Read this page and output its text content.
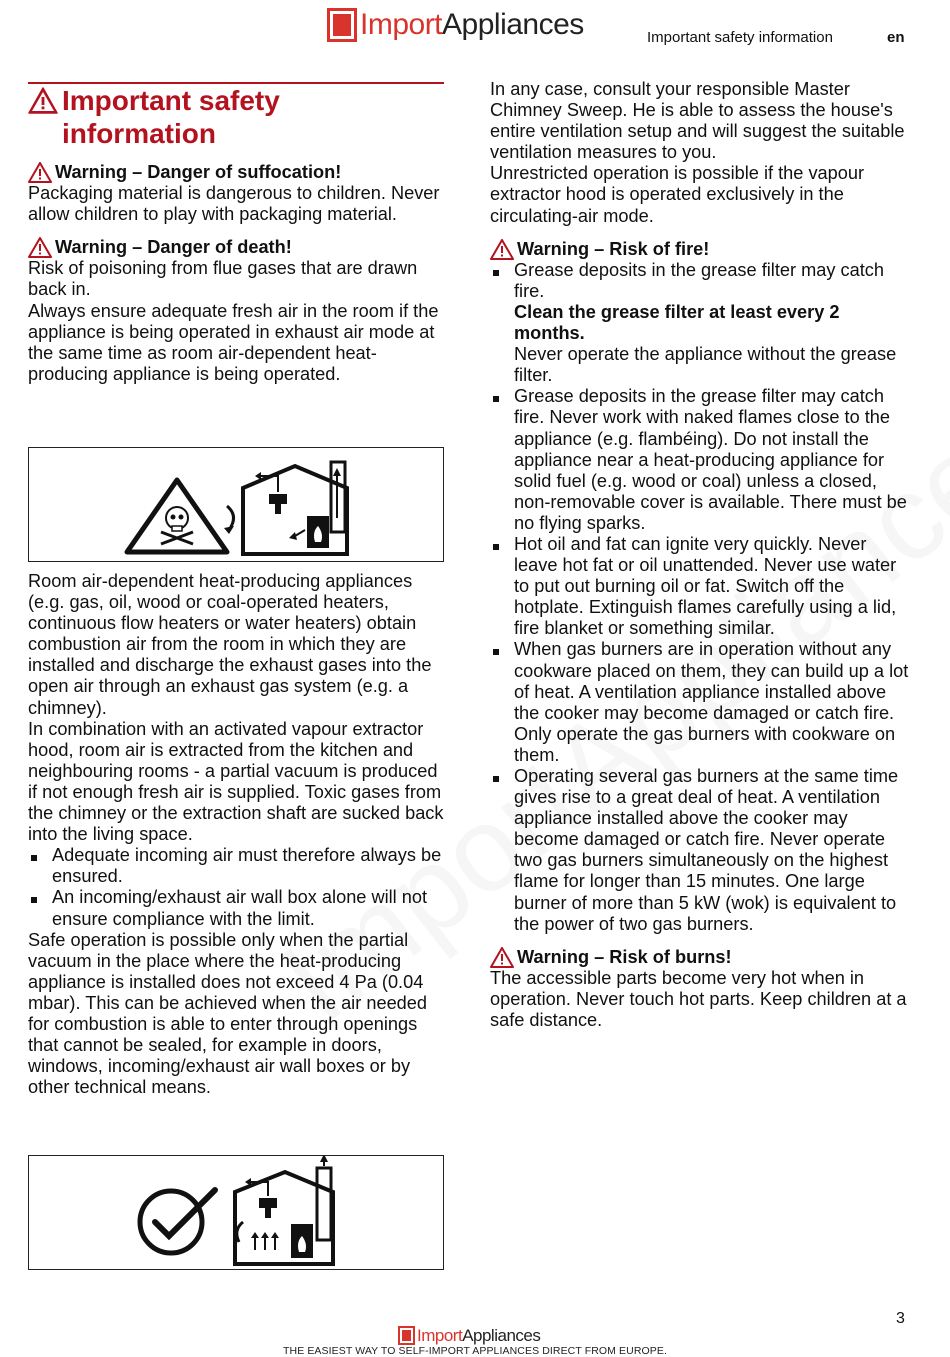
ImportAppliances	Important safety information	en
Important safety
information
Warning – Danger of suffocation!

Packaging material is dangerous to children. Never allow children to play with packaging material.

Warning – Danger of death!

Risk of poisoning from flue gases that are drawn back in.

Always ensure adequate fresh air in the room if the appliance is being operated in exhaust air mode at the same time as room air-dependent heat-producing appliance is being operated.

Room air-dependent heat-producing appliances (e.g. gas, oil, wood or coal-operated heaters, continuous flow heaters or water heaters) obtain combustion air from the room in which they are installed and discharge the exhaust gases into the open air through an exhaust gas system (e.g. a chimney).

In combination with an activated vapour extractor hood, room air is extracted from the kitchen and neighbouring rooms - a partial vacuum is produced if not enough fresh air is supplied. Toxic gases from the chimney or the extraction shaft are sucked back into the living space.

Adequate incoming air must therefore always be ensured.
An incoming/exhaust air wall box alone will not ensure compliance with the limit.

Safe operation is possible only when the partial vacuum in the place where the heat-producing appliance is installed does not exceed 4 Pa (0.04 mbar). This can be achieved when the air needed for combustion is able to enter through openings that cannot be sealed, for example in doors, windows, incoming/exhaust air wall boxes or by other technical means.

In any case, consult your responsible Master Chimney Sweep. He is able to assess the house's entire ventilation setup and will suggest the suitable ventilation measures to you.

Unrestricted operation is possible if the vapour extractor hood is operated exclusively in the circulating-air mode.

Warning – Risk of fire!
Grease deposits in the grease filter may catch fire.
Clean the grease filter at least every 2 months.
Never operate the appliance without the grease filter.
Grease deposits in the grease filter may catch fire. Never work with naked flames close to the appliance (e.g. flambéing). Do not install the appliance near a heat-producing appliance for solid fuel (e.g. wood or coal) unless a closed, non-removable cover is available. There must be no flying sparks.
Hot oil and fat can ignite very quickly. Never leave hot fat or oil unattended. Never use water to put out burning oil or fat. Switch off the hotplate. Extinguish flames carefully using a lid, fire blanket or something similar.
When gas burners are in operation without any cookware placed on them, they can build up a lot of heat. A ventilation appliance installed above the cooker may become damaged or catch fire. Only operate the gas burners with cookware on them.
Operating several gas burners at the same time gives rise to a great deal of heat. A ventilation appliance installed above the cooker may become damaged or catch fire. Never operate two gas burners simultaneously on the highest flame for longer than 15 minutes. One large burner of more than 5 kW (wok) is equivalent to the power of two gas burners.
Warning – Risk of burns!

The accessible parts become very hot when in operation. Never touch hot parts. Keep children at a safe distance.

3
ImportAppliances
THE EASIEST WAY TO SELF-IMPORT APPLIANCES DIRECT FROM EUROPE.
